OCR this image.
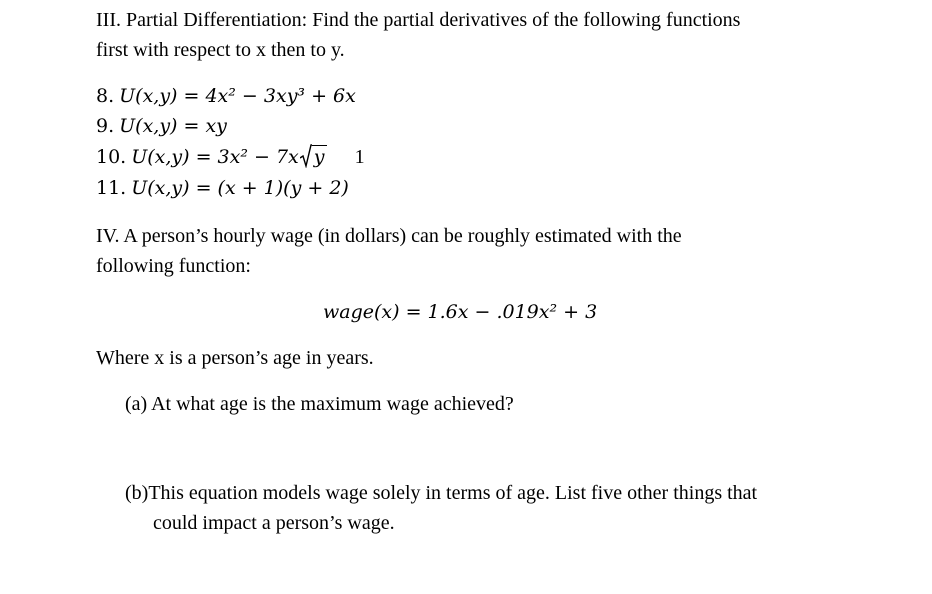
III. Partial Differentiation: Find the partial derivatives of the following functions
first with respect to x then to y.
8. U(x,y) = 4x² − 3xy³ + 6x
9. U(x,y) = xy
10. U(x,y) = 3x² − 7x y 1
11. U(x,y) = (x + 1)(y + 2)
IV. A person’s hourly wage (in dollars) can be roughly estimated with the
following function:
wage(x) = 1.6x − .019x² + 3
Where x is a person’s age in years.
(a) At what age is the maximum wage achieved?
(b)This equation models wage solely in terms of age. List five other things that
could impact a person’s wage.
